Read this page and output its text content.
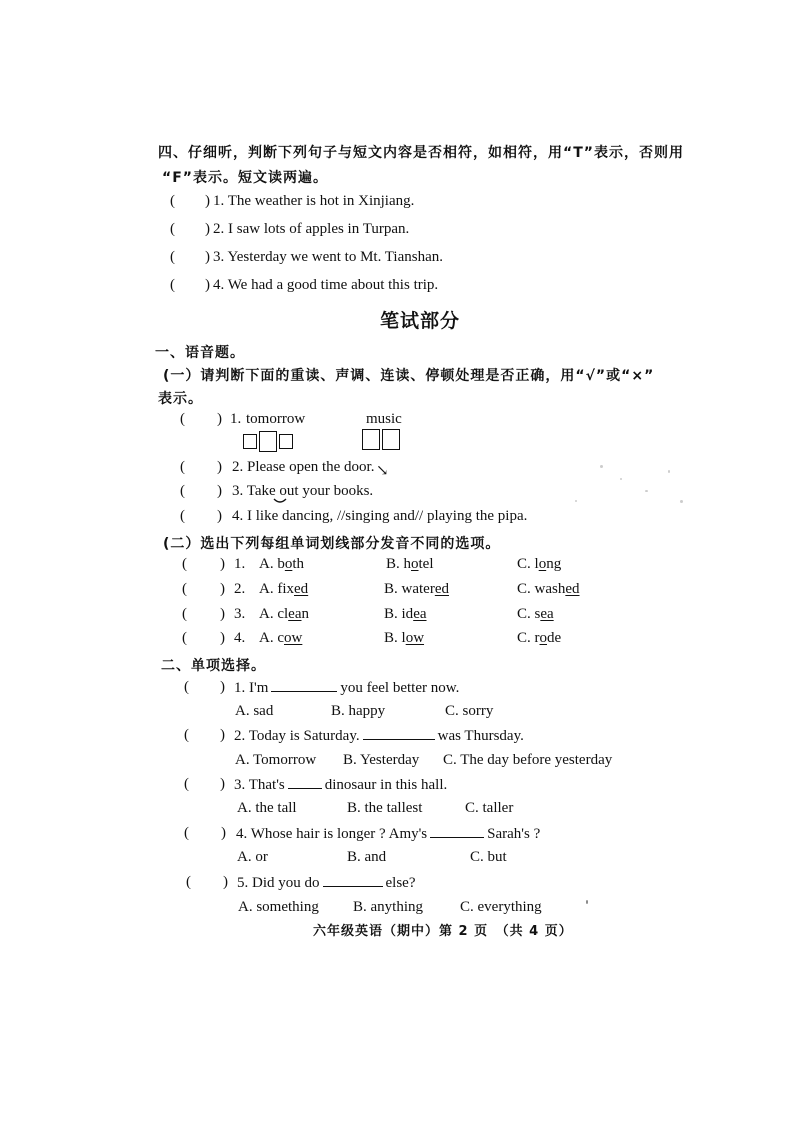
四、仔细听，判断下列句子与短文内容是否相符，如相符，用“T”表示，否则用
“F”表示。短文读两遍。
( ) 1. The weather is hot in Xinjiang.
( ) 2. I saw lots of apples in Turpan.
( ) 3. Yesterday we went to Mt. Tianshan.
( ) 4. We had a good time about this trip.
笔试部分
一、语音题。
(一）请判断下面的重读、声调、连读、停顿处理是否正确，用“√”或“×”
表示。
( ) 1. tomorrow	music
( ) 2. Please open the door. ↘
( ) 3. Take out your books.
( ) 4. I like dancing, //singing and// playing the pipa.
(二）选出下列每组单词划线部分发音不同的选项。
( ) 1. A. both	B. hotel	C. long
( ) 2. A. fixed	B. watered	C. washed
( ) 3. A. clean	B. idea	C. sea
( ) 4. A. cow	B. low	C. rode
二、单项选择。
( ) 1. I'm	you feel better now.
A. sad	B. happy	C. sorry
( ) 2. Today is Saturday.	was Thursday.
A. Tomorrow B. Yesterday C. The day before yesterday
( ) 3. That's	dinosaur in this hall.
A. the tall	B. the tallest	C. taller
( ) 4. Whose hair is longer ? Amy's	Sarah's ?
A. or	B. and	C. but
( ) 5. Did you do	else?
A. something B. anything C. everything
六年级英语（期中）第 2 页　（共 4 页）
